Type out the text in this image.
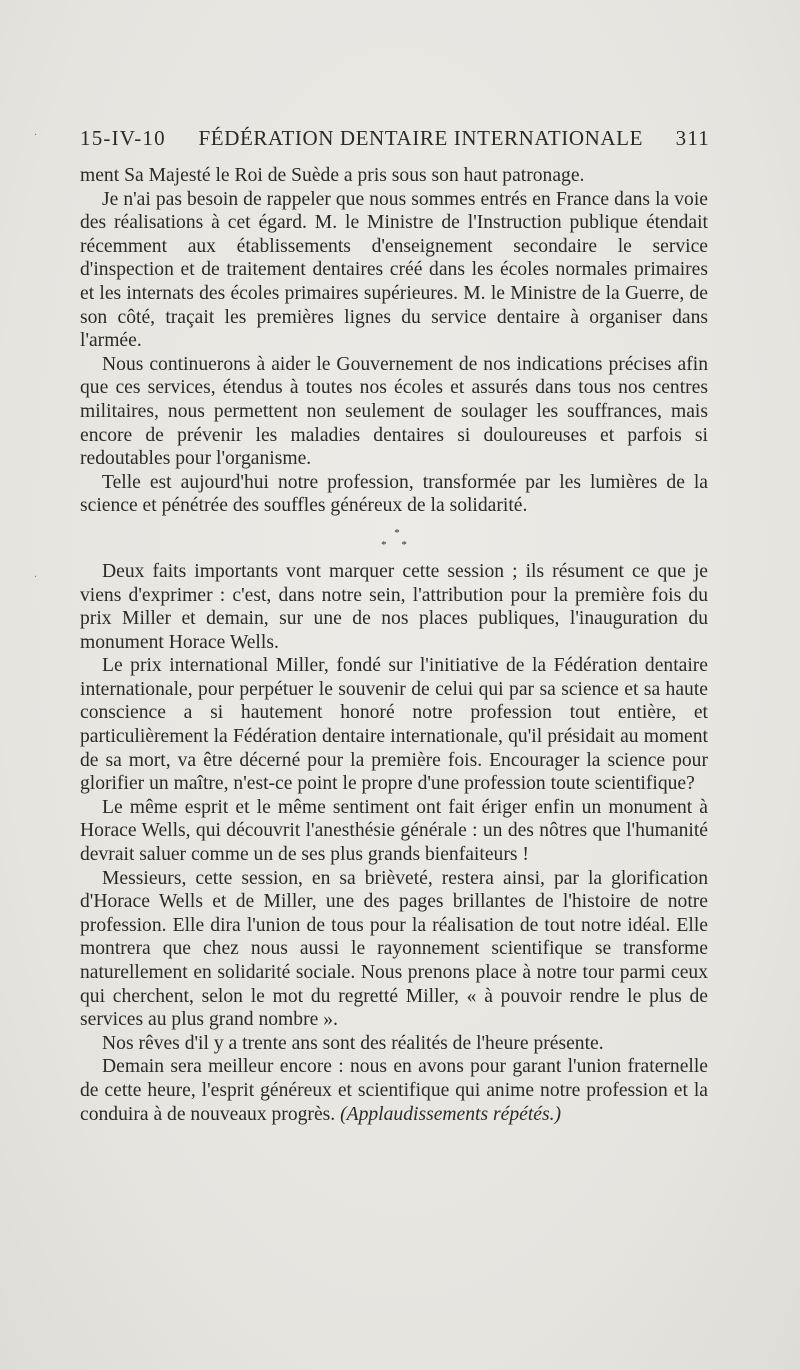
·
·
15-IV-10 FÉDÉRATION DENTAIRE INTERNATIONALE 311

ment Sa Majesté le Roi de Suède a pris sous son haut patronage.

Je n'ai pas besoin de rappeler que nous sommes entrés en France dans la voie des réalisations à cet égard. M. le Ministre de l'Instruction publique étendait récemment aux établissements d'enseignement secondaire le service d'inspection et de traitement dentaires créé dans les écoles normales primaires et les internats des écoles primaires supérieures. M. le Ministre de la Guerre, de son côté, traçait les premières lignes du service dentaire à organiser dans l'armée.

Nous continuerons à aider le Gouvernement de nos indications précises afin que ces services, étendus à toutes nos écoles et assurés dans tous nos centres militaires, nous permettent non seulement de soulager les souffrances, mais encore de prévenir les maladies dentaires si douloureuses et parfois si redoutables pour l'organisme.

Telle est aujourd'hui notre profession, transformée par les lumières de la science et pénétrée des souffles généreux de la solidarité.

*
* *

Deux faits importants vont marquer cette session ; ils résument ce que je viens d'exprimer : c'est, dans notre sein, l'attribution pour la première fois du prix Miller et demain, sur une de nos places publiques, l'inauguration du monument Horace Wells.

Le prix international Miller, fondé sur l'initiative de la Fédération dentaire internationale, pour perpétuer le souvenir de celui qui par sa science et sa haute conscience a si hautement honoré notre profession tout entière, et particulièrement la Fédération dentaire internationale, qu'il présidait au moment de sa mort, va être décerné pour la première fois. Encourager la science pour glorifier un maître, n'est-ce point le propre d'une profession toute scientifique?

Le même esprit et le même sentiment ont fait ériger enfin un monument à Horace Wells, qui découvrit l'anesthésie générale : un des nôtres que l'humanité devrait saluer comme un de ses plus grands bienfaiteurs !

Messieurs, cette session, en sa brièveté, restera ainsi, par la glorification d'Horace Wells et de Miller, une des pages brillantes de l'histoire de notre profession. Elle dira l'union de tous pour la réalisation de tout notre idéal. Elle montrera que chez nous aussi le rayonnement scientifique se transforme naturellement en solidarité sociale. Nous prenons place à notre tour parmi ceux qui cherchent, selon le mot du regretté Miller, « à pouvoir rendre le plus de services au plus grand nombre ».

Nos rêves d'il y a trente ans sont des réalités de l'heure présente.

Demain sera meilleur encore : nous en avons pour garant l'union fraternelle de cette heure, l'esprit généreux et scientifique qui anime notre profession et la conduira à de nouveaux progrès. (Applaudissements répétés.)
